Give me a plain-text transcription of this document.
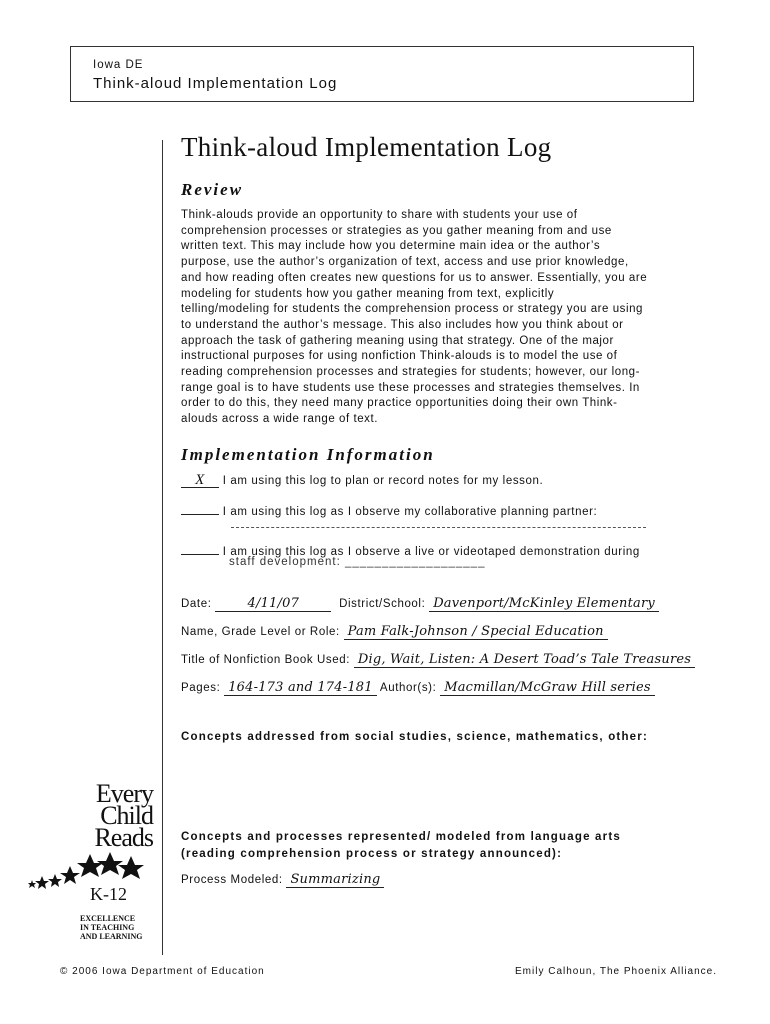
Iowa DE
Think-aloud Implementation Log
Think-aloud Implementation Log
Review

Think-alouds provide an opportunity to share with students your use of
comprehension processes or strategies as you gather meaning from and use
written text. This may include how you determine main idea or the author’s
purpose, use the author’s organization of text, access and use prior knowledge,
and how reading often creates new questions for us to answer. Essentially, you are
modeling for students how you gather meaning from text, explicitly
telling/modeling for students the comprehension process or strategy you are using
to understand the author’s message. This also includes how you think about or
approach the task of gathering meaning using that strategy. One of the major
instructional purposes for using nonfiction Think-alouds is to model the use of
reading comprehension processes and strategies for students; however, our long-
range goal is to have students use these processes and strategies themselves. In
order to do this, they need many practice opportunities doing their own Think-
alouds across a wide range of text.

Implementation Information
X I am using this log to plan or record notes for my lesson.
I am using this log as I observe my collaborative planning partner:
I am using this log as I observe a live or videotaped demonstration during
staff development: ___________________
Date:	4/11/07	District/School: Davenport/McKinley Elementary
Name, Grade Level or Role: Pam Falk-Johnson / Special Education
Title of Nonfiction Book Used: Dig, Wait, Listen: A Desert Toad’s Tale Treasures
Pages: 164-173 and 174-181 Author(s): Macmillan/McGraw Hill series
Concepts addressed from social studies, science, mathematics, other:
Concepts and processes represented/ modeled from language arts
(reading comprehension process or strategy announced):
Process Modeled: Summarizing
Every
Child
Reads
K-12
EXCELLENCE
IN TEACHING
AND LEARNING
© 2006 Iowa Department of Education	Emily Calhoun, The Phoenix Alliance.
